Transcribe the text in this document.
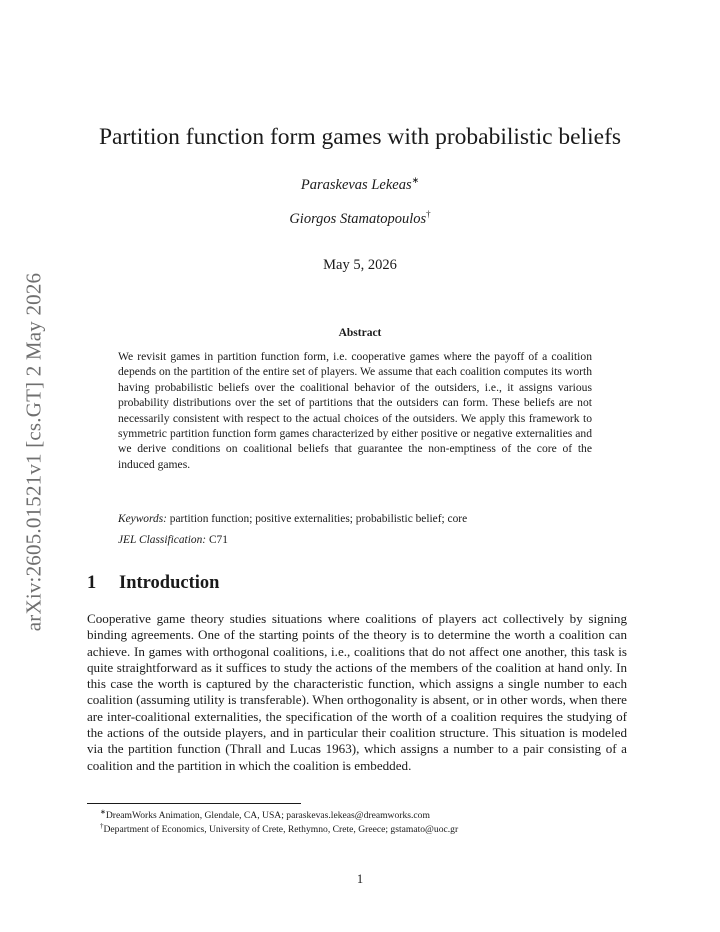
arXiv:2605.01521v1 [cs.GT] 2 May 2026
Partition function form games with probabilistic beliefs
Paraskevas Lekeas∗
Giorgos Stamatopoulos†
May 5, 2026
Abstract
We revisit games in partition function form, i.e. cooperative games where the payoff of a coalition depends on the partition of the entire set of players. We assume that each coalition computes its worth having probabilistic beliefs over the coalitional behavior of the outsiders, i.e., it assigns various probability distributions over the set of partitions that the outsiders can form. These beliefs are not necessarily consistent with respect to the actual choices of the outsiders. We apply this framework to symmetric partition function form games characterized by either positive or negative externalities and we derive conditions on coalitional beliefs that guarantee the non-emptiness of the core of the induced games.
Keywords: partition function; positive externalities; probabilistic belief; core
JEL Classification: C71
1 Introduction
Cooperative game theory studies situations where coalitions of players act collectively by signing binding agreements. One of the starting points of the theory is to determine the worth a coalition can achieve. In games with orthogonal coalitions, i.e., coalitions that do not affect one another, this task is quite straightforward as it suffices to study the actions of the members of the coalition at hand only. In this case the worth is captured by the characteristic function, which assigns a single number to each coalition (assuming utility is transferable). When orthogonality is absent, or in other words, when there are inter-coalitional externalities, the specification of the worth of a coalition requires the studying of the actions of the outside players, and in particular their coalition structure. This situation is modeled via the partition function (Thrall and Lucas 1963), which assigns a number to a pair consisting of a coalition and the partition in which the coalition is embedded.
∗DreamWorks Animation, Glendale, CA, USA; paraskevas.lekeas@dreamworks.com
†Department of Economics, University of Crete, Rethymno, Crete, Greece; gstamato@uoc.gr
1
